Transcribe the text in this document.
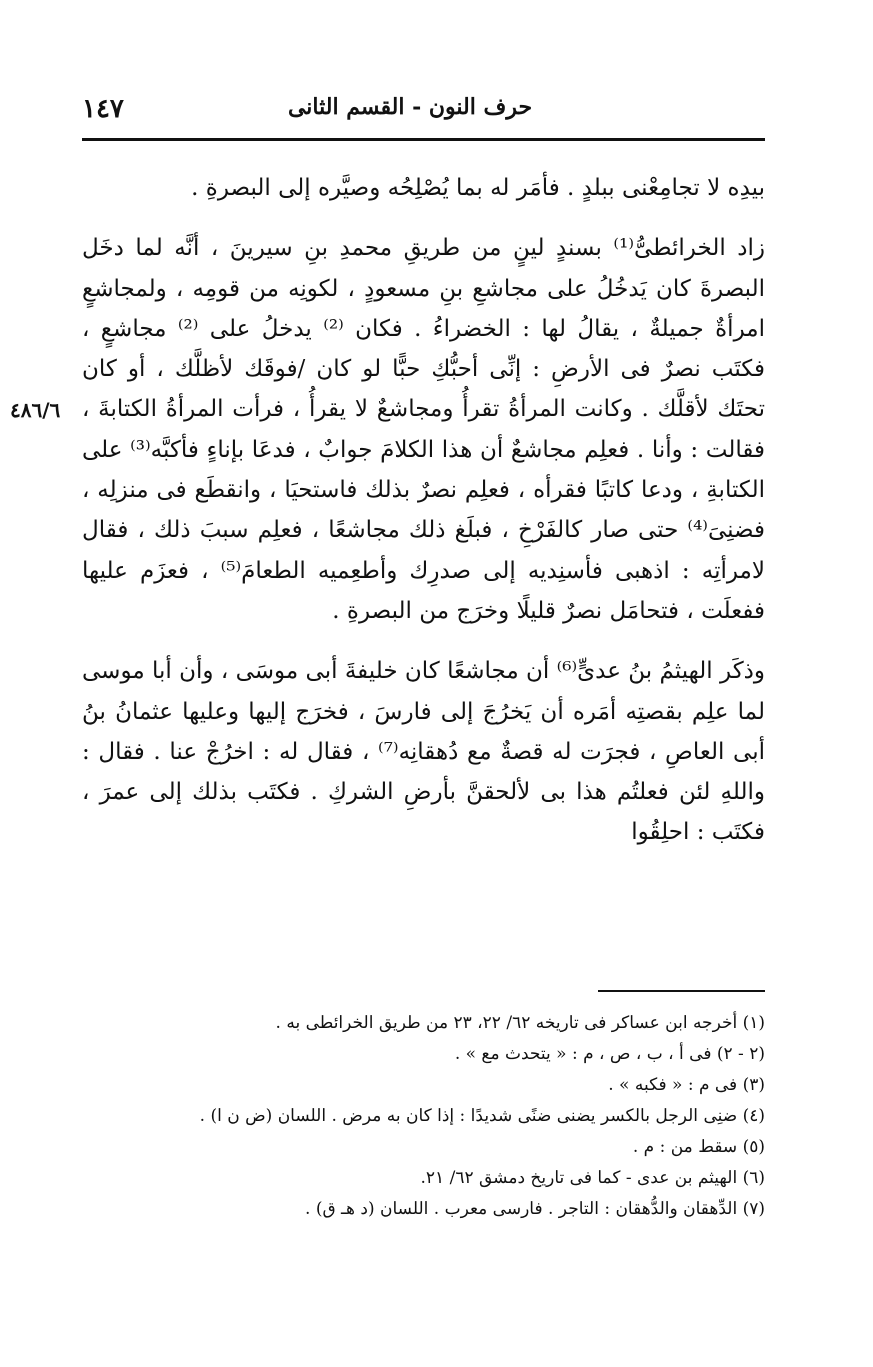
١٤٧	حرف النون - القسم الثانى
٤٨٦/٦

بيدِه لا تجامِعْنى ببلدٍ . فأمَر له بما يُصْلِحُه وصيَّره إلى البصرةِ .

زاد الخرائطىُّ⁽¹⁾ بسندٍ لينٍ من طريقِ محمدِ بنِ سيرينَ ، أنَّه لما دخَل البصرةَ كان يَدخُلُ على مجاشعِ بنِ مسعودٍ ، لكونِه من قومِه ، ولمجاشعٍ امرأةٌ جميلةٌ ، يقالُ لها : الخضراءُ . فكان ⁽²⁾ يدخلُ على ⁽²⁾ مجاشعٍ ، فكتَب نصرٌ فى الأرضِ : إنِّى أحبُّكِ حبًّا لو كان /فوقَك لأظلَّك ، أو كان تحتَك لأقلَّك . وكانت المرأةُ تقرأُ ومجاشعٌ لا يقرأُ ، فرأت المرأةُ الكتابةَ ، فقالت : وأنا . فعلِم مجاشعٌ أن هذا الكلامَ جوابٌ ، فدعَا بإناءٍ فأكبَّه⁽³⁾ على الكتابةِ ، ودعا كاتبًا فقرأه ، فعلِم نصرٌ بذلك فاستحيَا ، وانقطَع فى منزلِه ، فضنِىَ⁽⁴⁾ حتى صار كالفَرْخِ ، فبلَغ ذلك مجاشعًا ، فعلِم سببَ ذلك ، فقال لامرأتِه : اذهبى فأسنِديه إلى صدرِك وأطعِميه الطعامَ⁽⁵⁾ ، فعزَم عليها ففعلَت ، فتحامَل نصرٌ قليلًا وخرَج من البصرةِ .

وذكَر الهيثمُ بنُ عدىٍّ⁽⁶⁾ أن مجاشعًا كان خليفةَ أبى موسَى ، وأن أبا موسى لما علِم بقصتِه أمَره أن يَخرُجَ إلى فارسَ ، فخرَج إليها وعليها عثمانُ بنُ أبى العاصِ ، فجرَت له قصةٌ مع دُهقانِه⁽⁷⁾ ، فقال له : اخرُجْ عنا . فقال : واللهِ لئن فعلتُم هذا بى لألحقنَّ بأرضِ الشركِ . فكتَب بذلك إلى عمرَ ، فكتَب : احلِقُوا

(١) أخرجه ابن عساكر فى تاريخه ٦٢/ ٢٢، ٢٣ من طريق الخرائطى به .

(٢ - ٢) فى أ ، ب ، ص ، م : « يتحدث مع » .

(٣) فى م : « فكبه » .

(٤) ضنِى الرجل بالكسر يضنى ضنًى شديدًا : إذا كان به مرض . اللسان (ض ن ا) .

(٥) سقط من : م .

(٦) الهيثم بن عدى - كما فى تاريخ دمشق ٦٢/ ٢١.

(٧) الدِّهقان والدُّهقان : التاجر . فارسى معرب . اللسان (د هـ ق) .
